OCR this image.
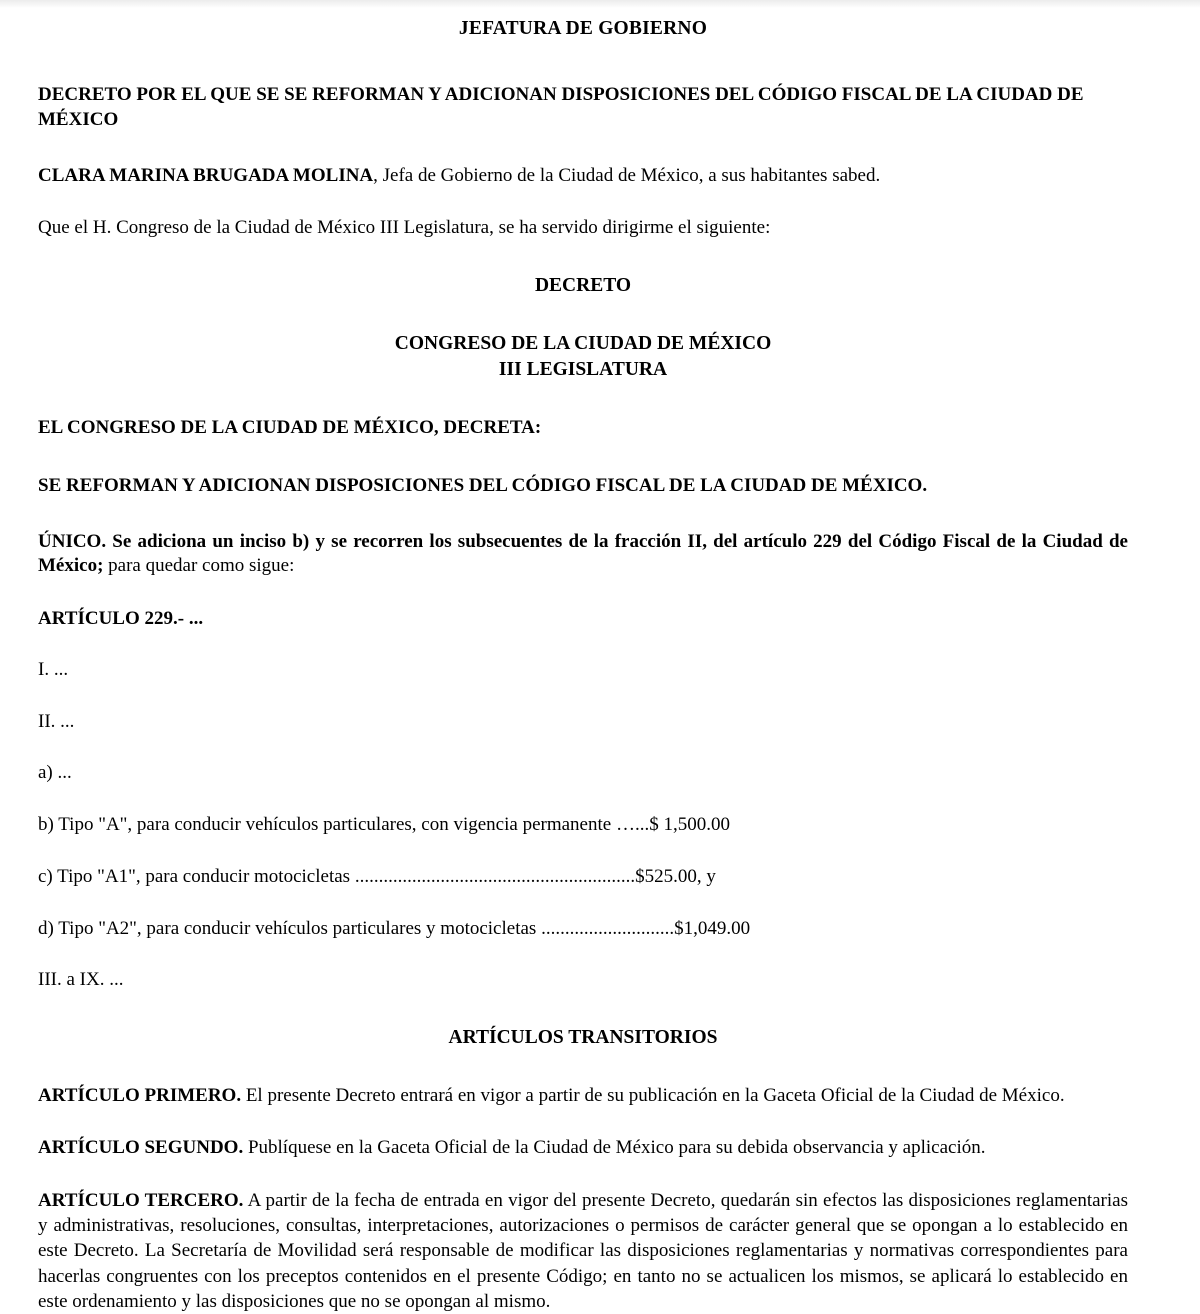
JEFATURA DE GOBIERNO

DECRETO POR EL QUE SE SE REFORMAN Y ADICIONAN DISPOSICIONES DEL CÓDIGO FISCAL DE LA CIUDAD DE MÉXICO

CLARA MARINA BRUGADA MOLINA, Jefa de Gobierno de la Ciudad de México, a sus habitantes sabed.

Que el H. Congreso de la Ciudad de México III Legislatura, se ha servido dirigirme el siguiente:

DECRETO

CONGRESO DE LA CIUDAD DE MÉXICO

III LEGISLATURA

EL CONGRESO DE LA CIUDAD DE MÉXICO, DECRETA:

SE REFORMAN Y ADICIONAN DISPOSICIONES DEL CÓDIGO FISCAL DE LA CIUDAD DE MÉXICO.

ÚNICO. Se adiciona un inciso b) y se recorren los subsecuentes de la fracción II, del artículo 229 del Código Fiscal de la Ciudad de México; para quedar como sigue:

ARTÍCULO 229.- ...

I. ...

II. ...

a) ...

b) Tipo "A", para conducir vehículos particulares, con vigencia permanente …...$ 1,500.00

c) Tipo "A1", para conducir motocicletas ...........................................................$525.00, y

d) Tipo "A2", para conducir vehículos particulares y motocicletas ............................$1,049.00

III. a IX. ...

ARTÍCULOS TRANSITORIOS

ARTÍCULO PRIMERO. El presente Decreto entrará en vigor a partir de su publicación en la Gaceta Oficial de la Ciudad de México.

ARTÍCULO SEGUNDO. Publíquese en la Gaceta Oficial de la Ciudad de México para su debida observancia y aplicación.

ARTÍCULO TERCERO. A partir de la fecha de entrada en vigor del presente Decreto, quedarán sin efectos las disposiciones reglamentarias y administrativas, resoluciones, consultas, interpretaciones, autorizaciones o permisos de carácter general que se opongan a lo establecido en este Decreto. La Secretaría de Movilidad será responsable de modificar las disposiciones reglamentarias y normativas correspondientes para hacerlas congruentes con los preceptos contenidos en el presente Código; en tanto no se actualicen los mismos, se aplicará lo establecido en este ordenamiento y las disposiciones que no se opongan al mismo.
